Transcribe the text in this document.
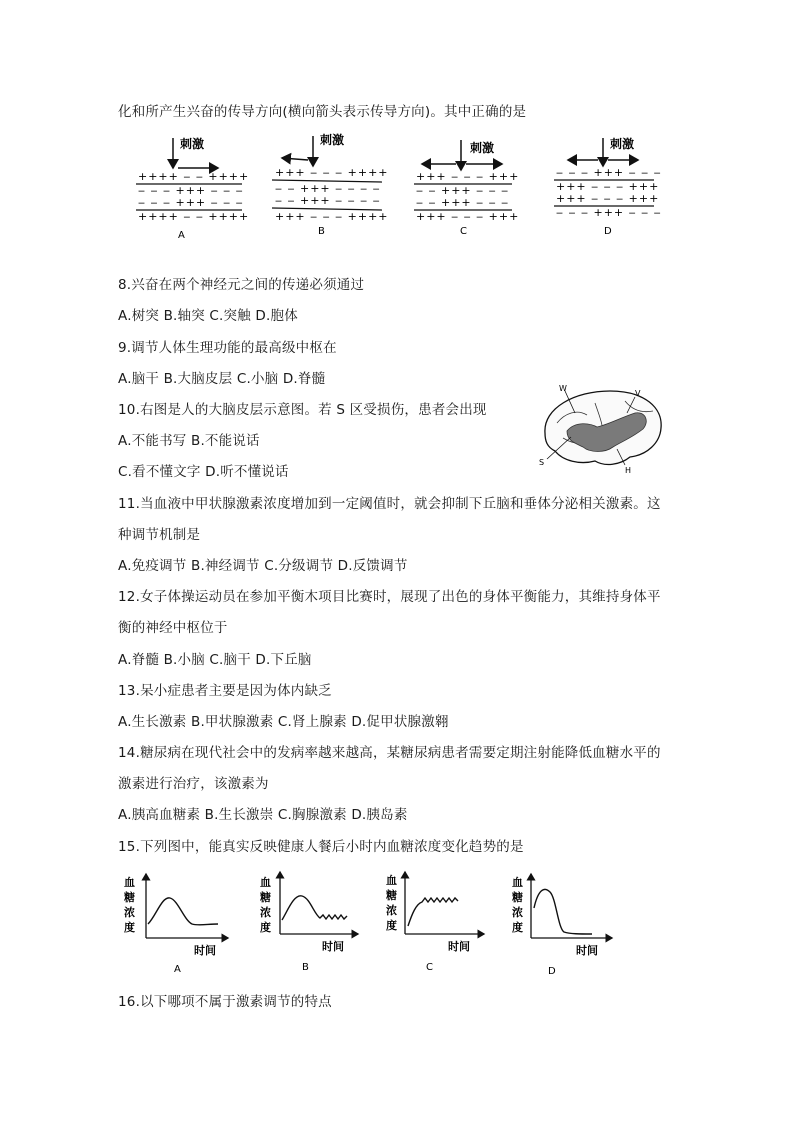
化和所产生兴奋的传导方向(横向箭头表示传导方向)。其中正确的是
刺激
++++ ‒ ‒ ++++
‒ ‒ ‒ +++ ‒ ‒ ‒
‒ ‒ ‒ +++ ‒ ‒ ‒
++++ ‒ ‒ ++++
A
刺激
+++ ‒ ‒ ‒ ++++
‒ ‒ +++ ‒ ‒ ‒ ‒
‒ ‒ +++ ‒ ‒ ‒ ‒
+++ ‒ ‒ ‒ ++++
B
刺激
+++ ‒ ‒ ‒ +++
‒ ‒ +++ ‒ ‒ ‒
‒ ‒ +++ ‒ ‒ ‒
+++ ‒ ‒ ‒ +++
C
刺激
‒ ‒ ‒ +++ ‒ ‒ ‒
+++ ‒ ‒ ‒ +++
+++ ‒ ‒ ‒ +++
‒ ‒ ‒ +++ ‒ ‒ ‒
D
8.兴奋在两个神经元之间的传递必须通过
A.树突 B.轴突 C.突触 D.胞体
9.调节人体生理功能的最高级中枢在
A.脑干 B.大脑皮层 C.小脑 D.脊髓
10.右图是人的大脑皮层示意图。若 S 区受损伤，患者会出现
A.不能书写 B.不能说话
C.看不懂文字 D.听不懂说话
W
V
S
H
11.当血液中甲状腺激素浓度增加到一定阈值时，就会抑制下丘脑和垂体分泌相关激素。这
种调节机制是
A.免疫调节 B.神经调节 C.分级调节 D.反馈调节
12.女子体操运动员在参加平衡木项目比赛时，展现了出色的身体平衡能力，其维持身体平
衡的神经中枢位于
A.脊髓 B.小脑 C.脑干 D.下丘脑
13.呆小症患者主要是因为体内缺乏
A.生长激素 B.甲状腺激素 C.肾上腺素 D.促甲状腺激翱
14.糖尿病在现代社会中的发病率越来越高，某糖尿病患者需要定期注射能降低血糖水平的
激素进行治疗，该激素为
A.胰高血糖素 B.生长激崇 C.胸腺激素 D.胰岛素
15.下列图中，能真实反映健康人餐后小时内血糖浓度变化趋势的是
血
糖
浓
度
时间
A
血
糖
浓
度
时间
B
血
糖
浓
度
时间
C
血
糖
浓
度
时间
D
16.以下哪项不属于激素调节的特点
